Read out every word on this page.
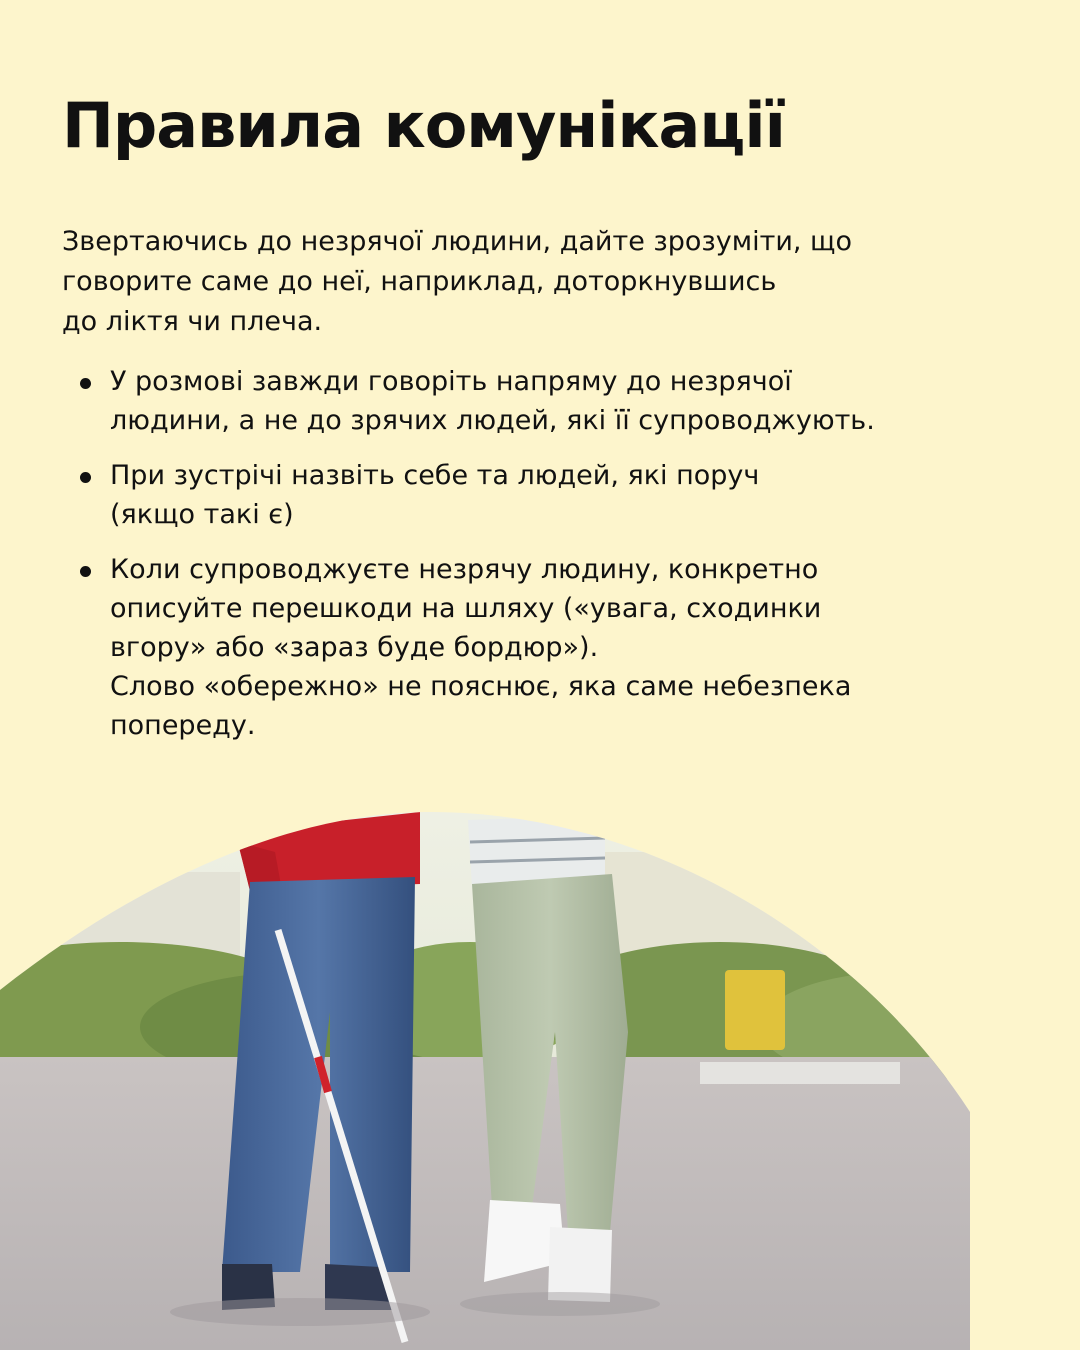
Правила комунікації

Звертаючись до незрячої людини, дайте зрозуміти, що
говорите саме до неї, наприклад, доторкнувшись
до ліктя чи плеча.

У розмові завжди говоріть напряму до незрячої
людини, а не до зрячих людей, які її супроводжують.
При зустрічі назвіть себе та людей, які поруч
(якщо такі є)
Коли супроводжуєте незрячу людину, конкретно
описуйте перешкоди на шляху («увага, сходинки
вгору» або «зараз буде бордюр»).
Слово «обережно» не пояснює, яка саме небезпека
попереду.
